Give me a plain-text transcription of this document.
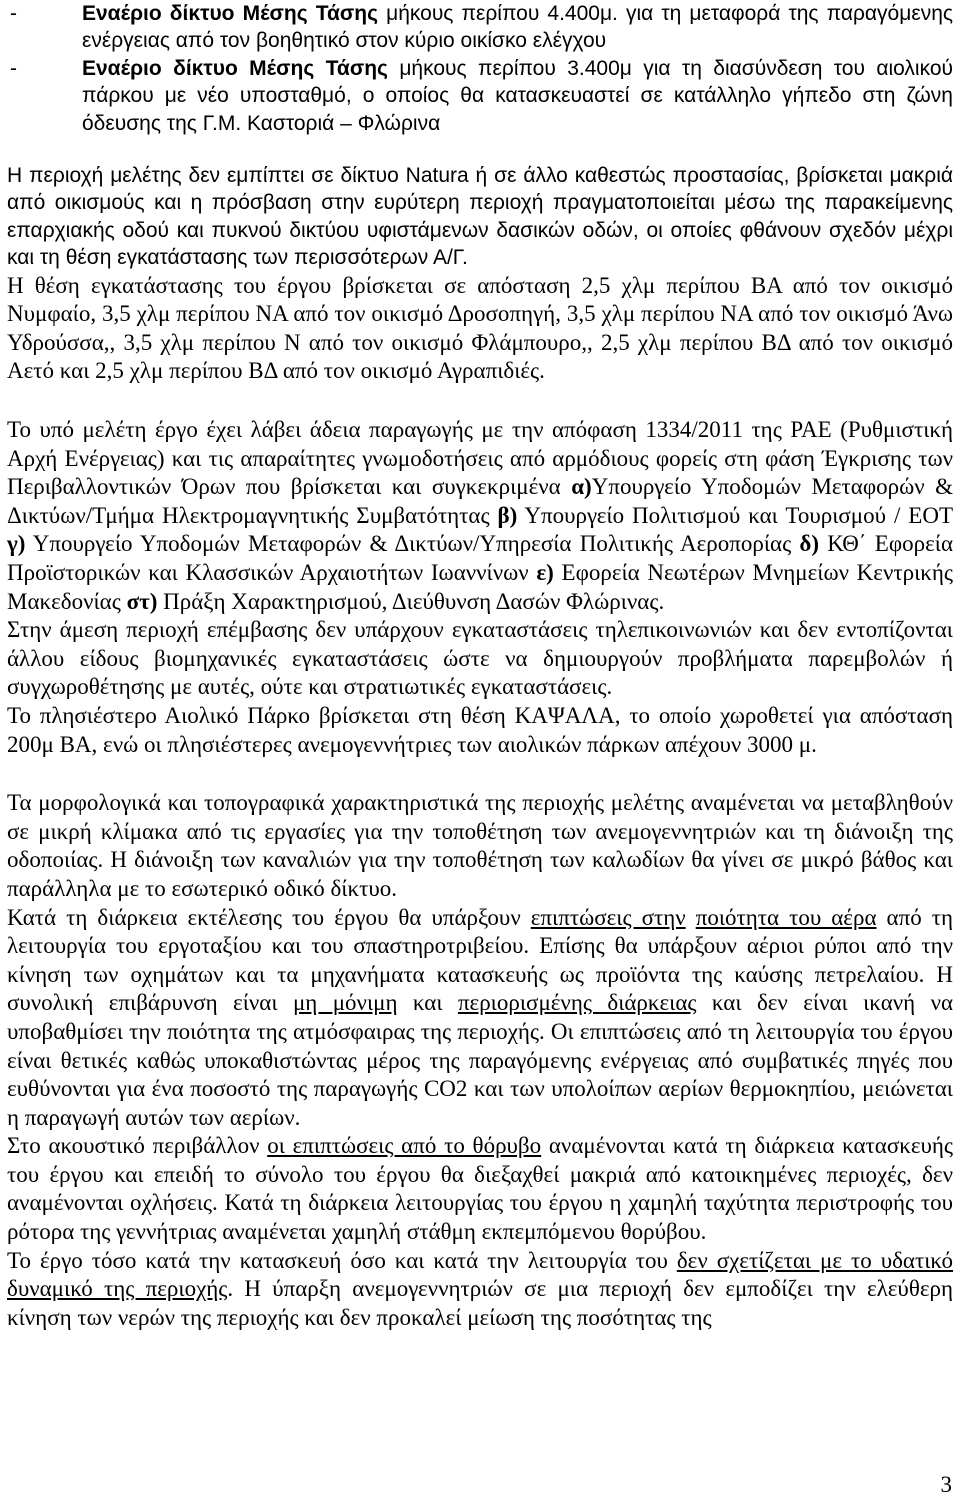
-	Εναέριο δίκτυο Μέσης Τάσης μήκους περίπου 4.400μ. για τη μεταφορά της παραγόμενης ενέργειας από τον βοηθητικό στον κύριο οικίσκο ελέγχου
-	Εναέριο δίκτυο Μέσης Τάσης μήκους περίπου 3.400μ για τη διασύνδεση του αιολικού πάρκου με νέο υποσταθμό, ο οποίος θα κατασκευαστεί σε κατάλληλο γήπεδο στη ζώνη όδευσης της Γ.Μ. Καστοριά – Φλώρινα

Η περιοχή μελέτης δεν εμπίπτει σε δίκτυο Natura ή σε άλλο καθεστώς προστασίας, βρίσκεται μακριά από οικισμούς και η πρόσβαση στην ευρύτερη περιοχή πραγματοποιείται μέσω της παρακείμενης επαρχιακής οδού και πυκνού δικτύου υφιστάμενων δασικών οδών, οι οποίες φθάνουν σχεδόν μέχρι και τη θέση εγκατάστασης των περισσότερων Α/Γ.

Η θέση εγκατάστασης του έργου βρίσκεται σε απόσταση 2,5 χλμ περίπου ΒΑ από τον οικισμό Νυμφαίο, 3,5 χλμ περίπου ΝΑ από τον οικισμό Δροσοπηγή, 3,5 χλμ περίπου ΝΑ από τον οικισμό Άνω Υδρούσσα,, 3,5 χλμ περίπου Ν από τον οικισμό Φλάμπουρο,, 2,5 χλμ περίπου ΒΔ από τον οικισμό Αετό και 2,5 χλμ περίπου ΒΔ από τον οικισμό Αγραπιδιές.

Το υπό μελέτη έργο έχει λάβει άδεια παραγωγής με την απόφαση 1334/2011 της ΡΑΕ (Ρυθμιστική Αρχή Ενέργειας) και τις απαραίτητες γνωμοδοτήσεις από αρμόδιους φορείς στη φάση Έγκρισης των Περιβαλλοντικών Όρων που βρίσκεται και συγκεκριμένα α)Υπουργείο Υποδομών Μεταφορών & Δικτύων/Τμήμα Ηλεκτρομαγνητικής Συμβατότητας β) Υπουργείο Πολιτισμού και Τουρισμού / ΕΟΤ γ) Υπουργείο Υποδομών Μεταφορών & Δικτύων/Υπηρεσία Πολιτικής Αεροπορίας δ) ΚΘ΄ Εφορεία Προϊστορικών και Κλασσικών Αρχαιοτήτων Ιωαννίνων ε) Εφορεία Νεωτέρων Μνημείων Κεντρικής Μακεδονίας στ) Πράξη Χαρακτηρισμού, Διεύθυνση Δασών Φλώρινας.

Στην άμεση περιοχή επέμβασης δεν υπάρχουν εγκαταστάσεις τηλεπικοινωνιών και δεν εντοπίζονται άλλου είδους βιομηχανικές εγκαταστάσεις ώστε να δημιουργούν προβλήματα παρεμβολών ή συγχωροθέτησης με αυτές, ούτε και στρατιωτικές εγκαταστάσεις.

Το πλησιέστερο Αιολικό Πάρκο βρίσκεται στη θέση ΚΑΨΑΛΑ, το οποίο χωροθετεί για απόσταση 200μ ΒΑ, ενώ οι πλησιέστερες ανεμογεννήτριες των αιολικών πάρκων απέχουν 3000 μ.

Τα μορφολογικά και τοπογραφικά χαρακτηριστικά της περιοχής μελέτης αναμένεται να μεταβληθούν σε μικρή κλίμακα από τις εργασίες για την τοποθέτηση των ανεμογεννητριών και τη διάνοιξη της οδοποιίας. Η διάνοιξη των καναλιών για την τοποθέτηση των καλωδίων θα γίνει σε μικρό βάθος και παράλληλα με το εσωτερικό οδικό δίκτυο.

Κατά τη διάρκεια εκτέλεσης του έργου θα υπάρξουν επιπτώσεις στην ποιότητα του αέρα από τη λειτουργία του εργοταξίου και του σπαστηροτριβείου. Επίσης θα υπάρξουν αέριοι ρύποι από την κίνηση των οχημάτων και τα μηχανήματα κατασκευής ως προϊόντα της καύσης πετρελαίου. Η συνολική επιβάρυνση είναι μη μόνιμη και περιορισμένης διάρκειας και δεν είναι ικανή να υποβαθμίσει την ποιότητα της ατμόσφαιρας της περιοχής. Οι επιπτώσεις από τη λειτουργία του έργου είναι θετικές καθώς υποκαθιστώντας μέρος της παραγόμενης ενέργειας από συμβατικές πηγές που ευθύνονται για ένα ποσοστό της παραγωγής CO2 και των υπολοίπων αερίων θερμοκηπίου, μειώνεται η παραγωγή αυτών των αερίων.

Στο ακουστικό περιβάλλον οι επιπτώσεις από το θόρυβο αναμένονται κατά τη διάρκεια κατασκευής του έργου και επειδή το σύνολο του έργου θα διεξαχθεί μακριά από κατοικημένες περιοχές, δεν αναμένονται οχλήσεις. Κατά τη διάρκεια λειτουργίας του έργου η χαμηλή ταχύτητα περιστροφής του ρότορα της γεννήτριας αναμένεται χαμηλή στάθμη εκπεμπόμενου θορύβου.

Το έργο τόσο κατά την κατασκευή όσο και κατά την λειτουργία του δεν σχετίζεται με το υδατικό δυναμικό της περιοχής. Η ύπαρξη ανεμογεννητριών σε μια περιοχή δεν εμποδίζει την ελεύθερη κίνηση των νερών της περιοχής και δεν προκαλεί μείωση της ποσότητας της

3
